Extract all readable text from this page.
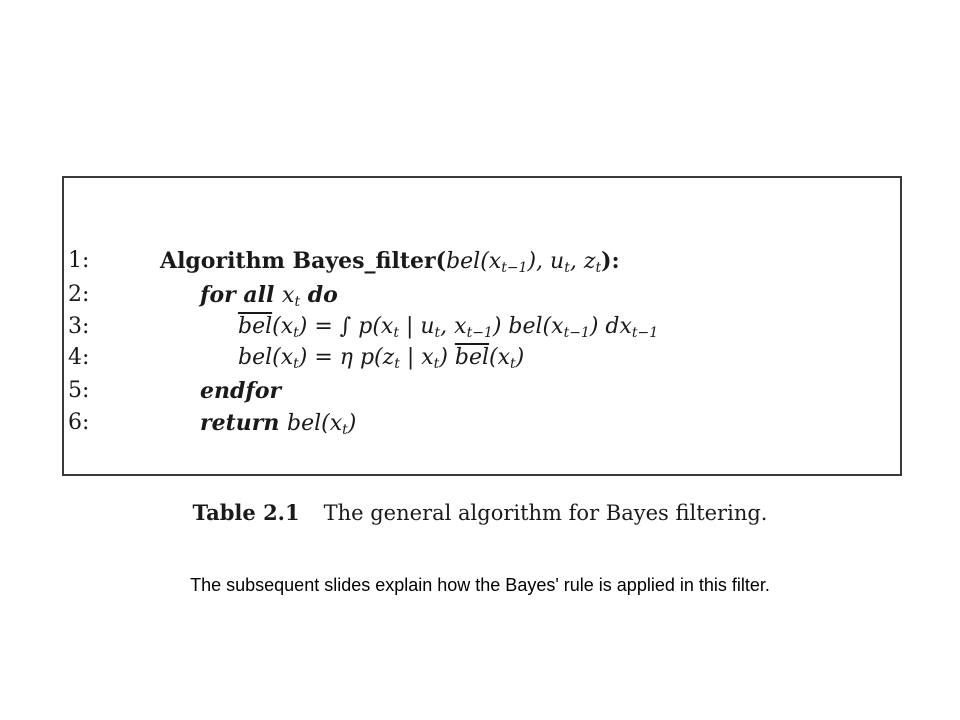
1:	Algorithm $Bayes\_filter(bel(x_{t-1})$, $u_t$, $z_t$):
2:	for all $x_t$ do
3:	$\overline{bel}(x_t)$ = ∫ $p(x_t$ | $u_t$, $x_{t-1}$) $bel(x_{t-1})$ $dx_{t-1}$
4:	$bel(x_t) = \eta$ $p(z_t$ | $x_t$) $\overline{bel}(x_t)$
5:	endfor
6:	return $bel(x_t)$
Table 2.1 The general algorithm for Bayes filtering.
The subsequent slides explain how the Bayes' rule is applied in this filter.
